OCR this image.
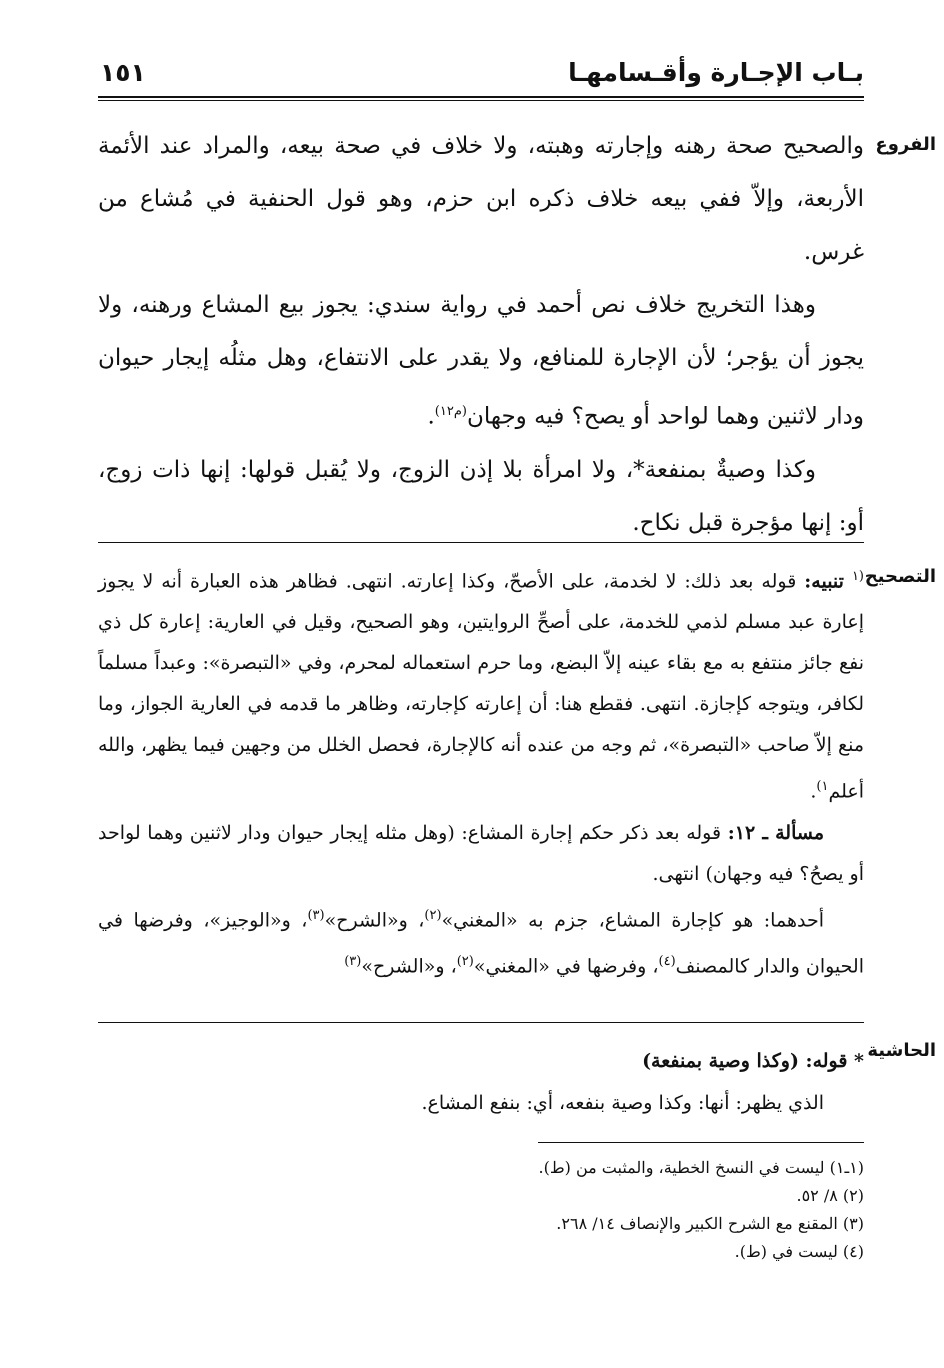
بـاب الإجـارة وأقـسامهـا
١٥١
الفروع
التصحيح
الحاشية

والصحيح صحة رهنه وإجارته وهبته، ولا خلاف في صحة بيعه، والمراد عند الأئمة الأربعة، وإلاّ ففي بيعه خلاف ذكره ابن حزم، وهو قول الحنفية في مُشاع من غرس.

وهذا التخريج خلاف نص أحمد في رواية سندي: يجوز بيع المشاع ورهنه، ولا يجوز أن يؤجر؛ لأن الإجارة للمنافع، ولا يقدر على الانتفاع، وهل مثلُه إيجار حيوان ودار لاثنين وهما لواحد أو يصح؟ فيه وجهان$^{(م١٢)}$.

وكذا وصيةٌ بمنفعة*، ولا امرأة بلا إذن الزوج، ولا يُقبل قولها: إنها ذات زوج، أو: إنها مؤجرة قبل نكاح.

$^{(١}$ تنبيه: قوله بعد ذلك: لا لخدمة، على الأصحّ، وكذا إعارته. انتهى. فظاهر هذه العبارة أنه لا يجوز إعارة عبد مسلم لذمي للخدمة، على أصحِّ الروايتين، وهو الصحيح، وقيل في العارية: إعارة كل ذي نفع جائز منتفع به مع بقاء عينه إلاّ البضع، وما حرم استعماله لمحرم، وفي «التبصرة»: وعبداً مسلماً لكافر، ويتوجه كإجازة. انتهى. فقطع هنا: أن إعارته كإجارته، وظاهر ما قدمه في العارية الجواز، وما منع إلاّ صاحب «التبصرة»، ثم وجه من عنده أنه كالإجارة، فحصل الخلل من وجهين فيما يظهر، والله أعلم$^{١)}$.

مسألة ـ ١٢: قوله بعد ذكر حكم إجارة المشاع: (وهل مثله إيجار حيوان ودار لاثنين وهما لواحد أو يصحُ؟ فيه وجهان) انتهى.

أحدهما: هو كإجارة المشاع، جزم به «المغني»$^{(٢)}$، و«الشرح»$^{(٣)}$، و«الوجيز»، وفرضها في الحيوان والدار كالمصنف$^{(٤)}$، وفرضها في «المغني»$^{(٢)}$، و«الشرح»$^{(٣)}$

* قوله: (وكذا وصية بمنفعة)

الذي يظهر: أنها: وكذا وصية بنفعه، أي: بنفع المشاع.

(١ـ١) ليست في النسخ الخطية، والمثبت من (ط).

(٢) ٨/ ٥٢.

(٣) المقنع مع الشرح الكبير والإنصاف ١٤/ ٢٦٨.

(٤) ليست في (ط).
